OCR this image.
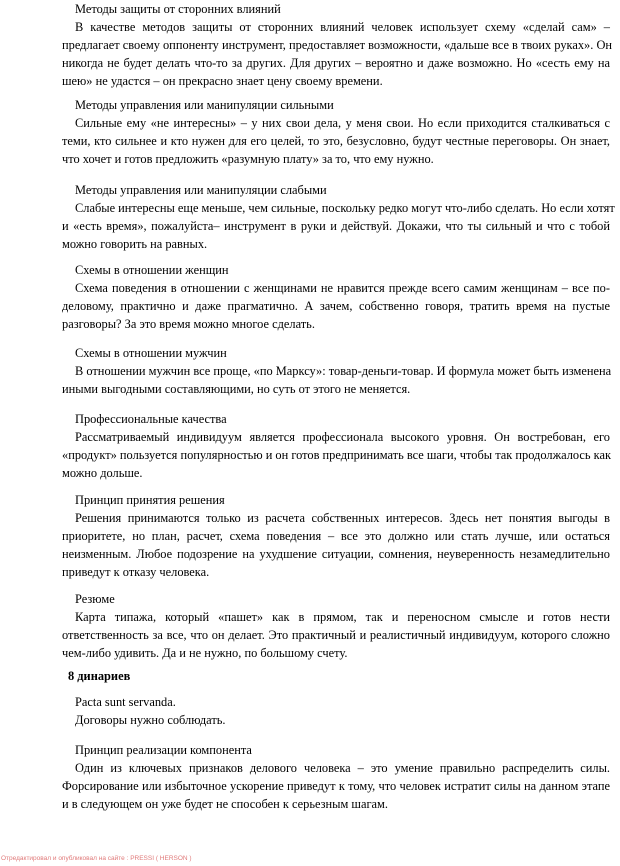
Методы защиты от сторонних влияний
В качестве методов защиты от сторонних влияний человек использует схему «сделай сам» –
предлагает своему оппоненту инструмент, предоставляет возможности, «дальше все в твоих руках». Он
никогда не будет делать что-то за других. Для других – вероятно и даже возможно. Но «сесть ему на
шею» не удастся – он прекрасно знает цену своему времени.
Методы управления или манипуляции сильными
Сильные ему «не интересны» – у них свои дела, у меня свои. Но если приходится сталкиваться с
теми, кто сильнее и кто нужен для его целей, то это, безусловно, будут честные переговоры. Он знает,
что хочет и готов предложить «разумную плату» за то, что ему нужно.
Методы управления или манипуляции слабыми
Слабые интересны еще меньше, чем сильные, поскольку редко могут что-либо сделать. Но если хотят
и «есть время», пожалуйста– инструмент в руки и действуй. Докажи, что ты сильный и что с тобой
можно говорить на равных.
Схемы в отношении женщин
Схема поведения в отношении с женщинами не нравится прежде всего самим женщинам – все по-
деловому, практично и даже прагматично. А зачем, собственно говоря, тратить время на пустые
разговоры? За это время можно многое сделать.
Схемы в отношении мужчин
В отношении мужчин все проще, «по Марксу»: товар-деньги-товар. И формула может быть изменена
иными выгодными составляющими, но суть от этого не меняется.
Профессиональные качества
Рассматриваемый индивидуум является профессионала высокого уровня. Он востребован, его
«продукт» пользуется популярностью и он готов предпринимать все шаги, чтобы так продолжалось как
можно дольше.
Принцип принятия решения
Решения принимаются только из расчета собственных интересов. Здесь нет понятия выгоды в
приоритете, но план, расчет, схема поведения – все это должно или стать лучше, или остаться
неизменным. Любое подозрение на ухудшение ситуации, сомнения, неуверенность незамедлительно
приведут к отказу человека.
Резюме
Карта типажа, который «пашет» как в прямом, так и переносном смысле и готов нести
ответственность за все, что он делает. Это практичный и реалистичный индивидуум, которого сложно
чем-либо удивить. Да и не нужно, по большому счету.
8 динариев
Pacta sunt servanda.
Договоры нужно соблюдать.
Принцип реализации компонента
Один из ключевых признаков делового человека – это умение правильно распределить силы.
Форсирование или избыточное ускорение приведут к тому, что человек истратит силы на данном этапе
и в следующем он уже будет не способен к серьезным шагам.
Отредактировал и опубликовал на сайте : PRESSI ( HERSON )
